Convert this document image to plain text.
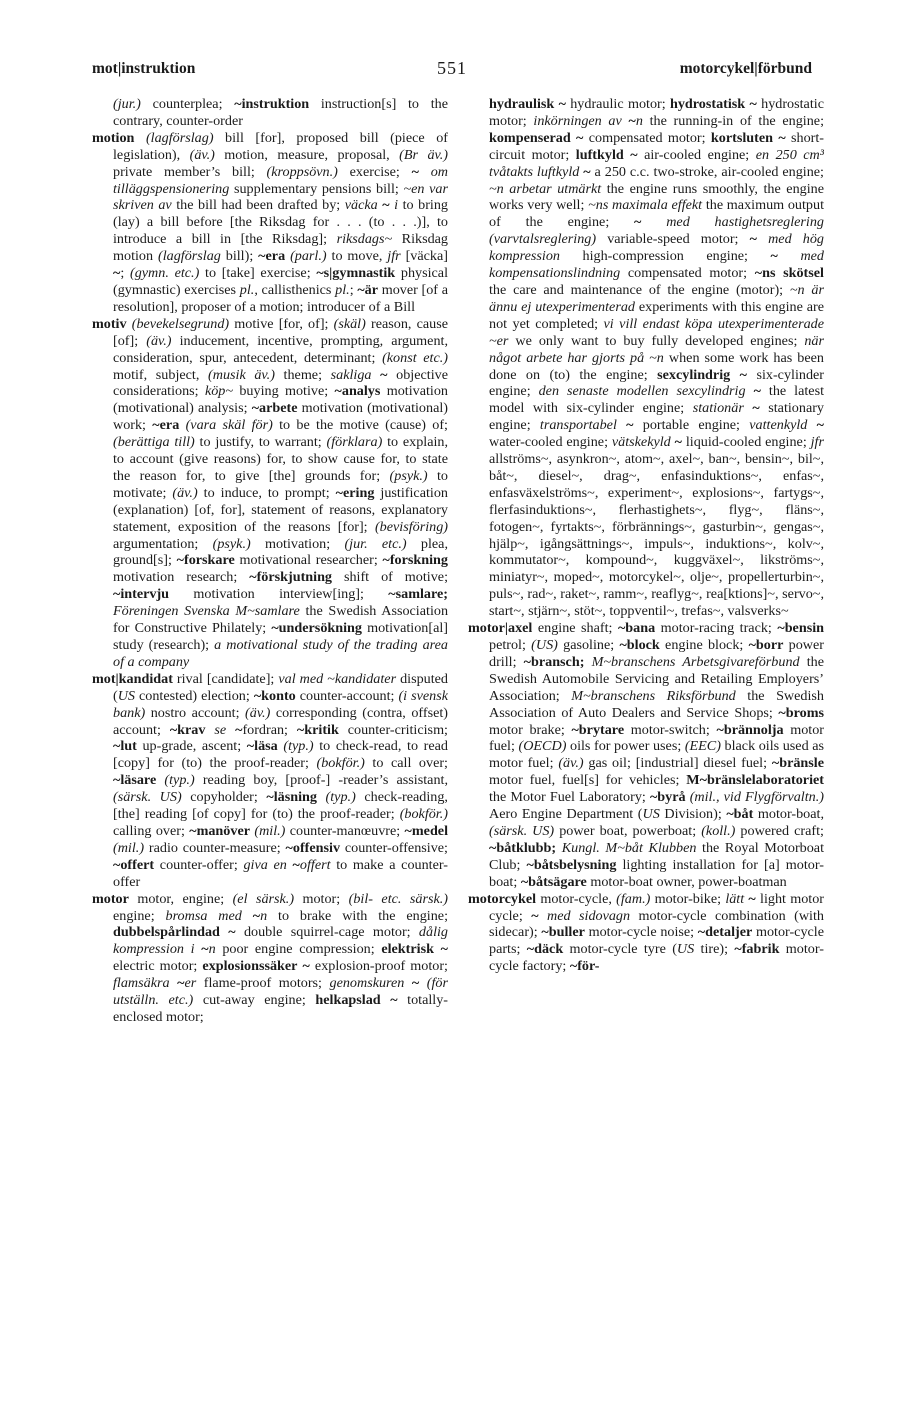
mot|instruktion	551	motorcykel|förbund

(jur.) counterplea; ~instruktion instruction[s] to the contrary, counter-order

motion (lagförslag) bill [for], proposed bill (piece of legislation), (äv.) motion, measure, proposal, (Br äv.) private member’s bill; (kroppsövn.) exercise; ~ om tilläggspensionering supplementary pensions bill; ~en var skriven av the bill had been drafted by; väcka ~ i to bring (lay) a bill before [the Riksdag for . . . (to . . .)], to introduce a bill in [the Riksdag]; riksdags~ Riksdag motion (lagförslag bill); ~era (parl.) to move, jfr [väcka] ~; (gymn. etc.) to [take] exercise; ~s|gymnastik physical (gymnastic) exercises pl., callisthenics pl.; ~är mover [of a resolution], proposer of a motion; introducer of a Bill

motiv (bevekelsegrund) motive [for, of]; (skäl) reason, cause [of]; (äv.) inducement, incentive, prompting, argument, consideration, spur, antecedent, determinant; (konst etc.) motif, subject, (musik äv.) theme; sakliga ~ objective considerations; köp~ buying motive; ~analys motivation (motivational) analysis; ~arbete motivation (motivational) work; ~era (vara skäl för) to be the motive (cause) of; (berättiga till) to justify, to warrant; (förklara) to explain, to account (give reasons) for, to show cause for, to state the reason for, to give [the] grounds for; (psyk.) to motivate; (äv.) to induce, to prompt; ~ering justification (explanation) [of, for], statement of reasons, explanatory statement, exposition of the reasons [for]; (bevisföring) argumentation; (psyk.) motivation; (jur. etc.) plea, ground[s]; ~forskare motivational researcher; ~forskning motivation research; ~förskjutning shift of motive; ~intervju motivation interview[ing]; ~samlare; Föreningen Svenska M~samlare the Swedish Association for Constructive Philately; ~undersökning motivation[al] study (research); a motivational study of the trading area of a company

mot|kandidat rival [candidate]; val med ~kandidater disputed (US contested) election; ~konto counter-account; (i svensk bank) nostro account; (äv.) corresponding (contra, offset) account; ~krav se ~fordran; ~kritik counter-criticism; ~lut up-grade, ascent; ~läsa (typ.) to check-read, to read [copy] for (to) the proof-reader; (bokför.) to call over; ~läsare (typ.) reading boy, [proof-] -reader’s assistant, (särsk. US) copyholder; ~läsning (typ.) check-reading, [the] reading [of copy] for (to) the proof-reader; (bokför.) calling over; ~manöver (mil.) counter-manœuvre; ~medel (mil.) radio counter-measure; ~offensiv counter-offensive; ~offert counter-offer; giva en ~offert to make a counter-offer

motor motor, engine; (el särsk.) motor; (bil- etc. särsk.) engine; bromsa med ~n to brake with the engine; dubbelspårlindad ~ double squirrel-cage motor; dålig kompression i ~n poor engine compression; elektrisk ~ electric motor; explosionssäker ~ explosion-proof motor; flamsäkra ~er flame-proof motors; genomskuren ~ (för utställn. etc.) cut-away engine; helkapslad ~ totally-enclosed motor;

hydraulisk ~ hydraulic motor; hydrostatisk ~ hydrostatic motor; inkörningen av ~n the running-in of the engine; kompenserad ~ compensated motor; kortsluten ~ short-circuit motor; luftkyld ~ air-cooled engine; en 250 cm³ tvåtakts luftkyld ~ a 250 c.c. two-stroke, air-cooled engine; ~n arbetar utmärkt the engine runs smoothly, the engine works very well; ~ns maximala effekt the maximum output of the engine; ~ med hastighetsreglering (varvtalsreglering) variable-speed motor; ~ med hög kompression high-compression engine; ~ med kompensationslindning compensated motor; ~ns skötsel the care and maintenance of the engine (motor); ~n är ännu ej utexperimenterad experiments with this engine are not yet completed; vi vill endast köpa utexperimenterade ~er we only want to buy fully developed engines; när något arbete har gjorts på ~n when some work has been done on (to) the engine; sexcylindrig ~ six-cylinder engine; den senaste modellen sexcylindrig ~ the latest model with six-cylinder engine; stationär ~ stationary engine; transportabel ~ portable engine; vattenkyld ~ water-cooled engine; vätskekyld ~ liquid-cooled engine; jfr allströms~, asynkron~, atom~, axel~, ban~, bensin~, bil~, båt~, diesel~, drag~, enfasinduktions~, enfas~, enfasväxelströms~, experiment~, explosions~, fartygs~, flerfasinduktions~, flerhastighets~, flyg~, fläns~, fotogen~, fyrtakts~, förbrännings~, gasturbin~, gengas~, hjälp~, igångsättnings~, impuls~, induktions~, kolv~, kommutator~, kompound~, kuggväxel~, likströms~, miniatyr~, moped~, motorcykel~, olje~, propellerturbin~, puls~, rad~, raket~, ramm~, reaflyg~, rea[ktions]~, servo~, start~, stjärn~, stöt~, toppventil~, trefas~, valsverks~

motor|axel engine shaft; ~bana motor-racing track; ~bensin petrol; (US) gasoline; ~block engine block; ~borr power drill; ~bransch; M~branschens Arbetsgivareförbund the Swedish Automobile Servicing and Retailing Employers’ Association; M~branschens Riksförbund the Swedish Association of Auto Dealers and Service Shops; ~broms motor brake; ~brytare motor-switch; ~brännolja motor fuel; (OECD) oils for power uses; (EEC) black oils used as motor fuel; (äv.) gas oil; [industrial] diesel fuel; ~bränsle motor fuel, fuel[s] for vehicles; M~bränslelaboratoriet the Motor Fuel Laboratory; ~byrå (mil., vid Flygförvaltn.) Aero Engine Department (US Division); ~båt motor-boat, (särsk. US) power boat, powerboat; (koll.) powered craft; ~båtklubb; Kungl. M~båt Klubben the Royal Motorboat Club; ~båtsbelysning lighting installation for [a] motor-boat; ~båtsägare motor-boat owner, power-boatman

motorcykel motor-cycle, (fam.) motor-bike; lätt ~ light motor cycle; ~ med sidovagn motor-cycle combination (with sidecar); ~buller motor-cycle noise; ~detaljer motor-cycle parts; ~däck motor-cycle tyre (US tire); ~fabrik motor-cycle factory; ~för-
